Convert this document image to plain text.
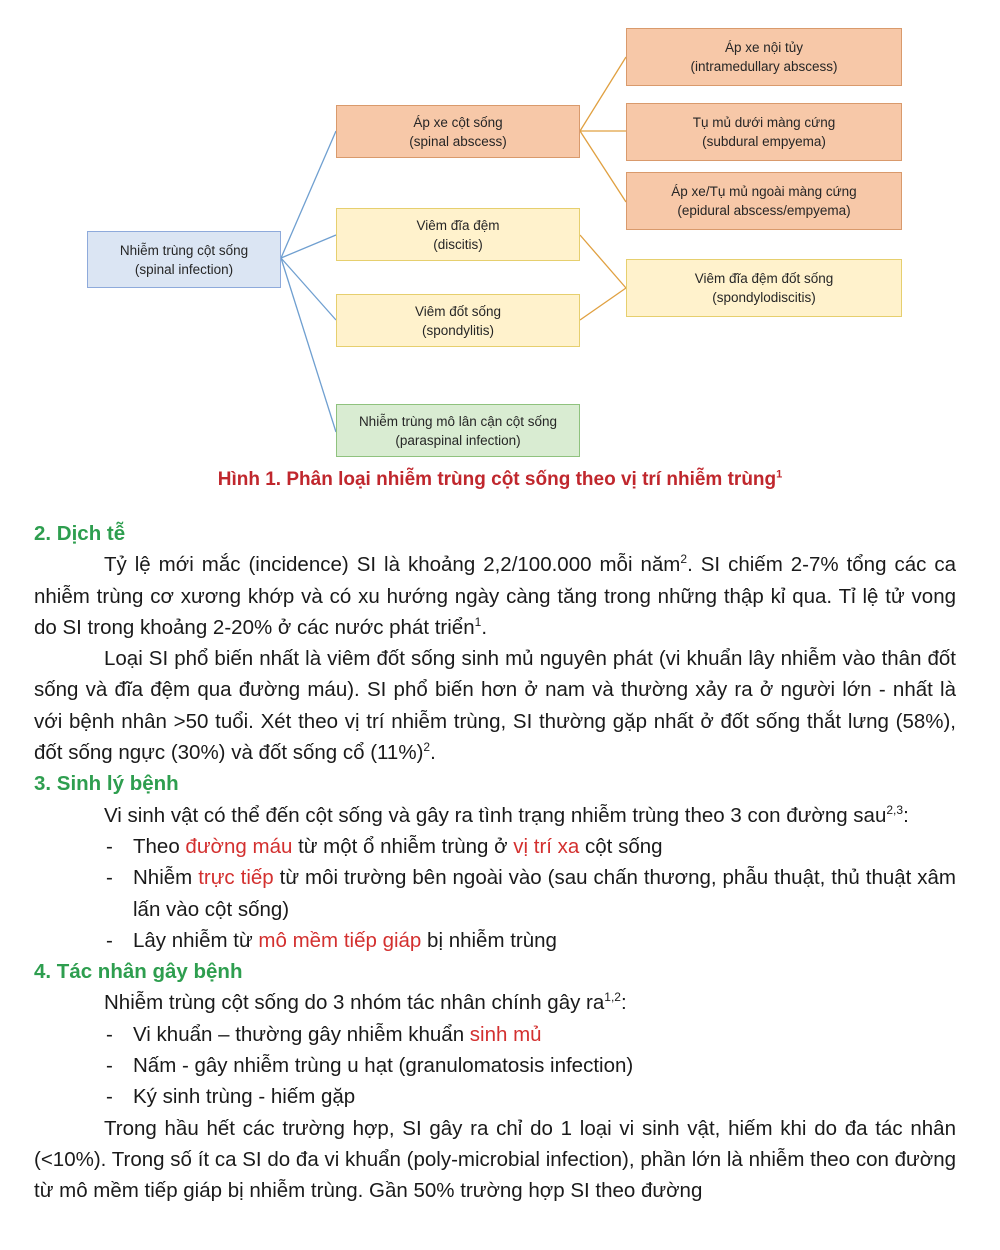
Nhiễm trùng cột sống
(spinal infection)
Áp xe cột sống
(spinal abscess)
Viêm đĩa đệm
(discitis)
Viêm đốt sống
(spondylitis)
Nhiễm trùng mô lân cận cột sống
(paraspinal infection)
Áp xe nội tủy
(intramedullary abscess)
Tụ mủ dưới màng cứng
(subdural empyema)
Áp xe/Tụ mủ ngoài màng cứng
(epidural abscess/empyema)
Viêm đĩa đệm đốt sống
(spondylodiscitis)
Hình 1. Phân loại nhiễm trùng cột sống theo vị trí nhiễm trùng$^1$

2. Dịch tễ

Tỷ lệ mới mắc (incidence) SI là khoảng 2,2/100.000 mỗi năm$^2$. SI chiếm 2-7% tổng các ca nhiễm trùng cơ xương khớp và có xu hướng ngày càng tăng trong những thập kỉ qua. Tỉ lệ tử vong do SI trong khoảng 2-20% ở các nước phát triển$^1$.

Loại SI phổ biến nhất là viêm đốt sống sinh mủ nguyên phát (vi khuẩn lây nhiễm vào thân đốt sống và đĩa đệm qua đường máu). SI phổ biến hơn ở nam và thường xảy ra ở người lớn - nhất là với bệnh nhân >50 tuổi. Xét theo vị trí nhiễm trùng, SI thường gặp nhất ở đốt sống thắt lưng (58%), đốt sống ngực (30%) và đốt sống cổ $(11\%)^2$.

3. Sinh lý bệnh

Vi sinh vật có thể đến cột sống và gây ra tình trạng nhiễm trùng theo 3 con đường sau$^{2,3}$:

- Theo đường máu từ một ổ nhiễm trùng ở vị trí xa cột sống

- Nhiễm trực tiếp từ môi trường bên ngoài vào (sau chấn thương, phẫu thuật, thủ thuật xâm lấn vào cột sống)

- Lây nhiễm từ mô mềm tiếp giáp bị nhiễm trùng

4. Tác nhân gây bệnh

Nhiễm trùng cột sống do 3 nhóm tác nhân chính gây ra$^{1,2}$:

- Vi khuẩn – thường gây nhiễm khuẩn sinh mủ

- Nấm - gây nhiễm trùng u hạt (granulomatosis infection)

- Ký sinh trùng - hiếm gặp

Trong hầu hết các trường hợp, SI gây ra chỉ do 1 loại vi sinh vật, hiếm khi do đa tác nhân (<10%). Trong số ít ca SI do đa vi khuẩn (poly-microbial infection), phần lớn là nhiễm theo con đường từ mô mềm tiếp giáp bị nhiễm trùng. Gần 50% trường hợp SI theo đường
